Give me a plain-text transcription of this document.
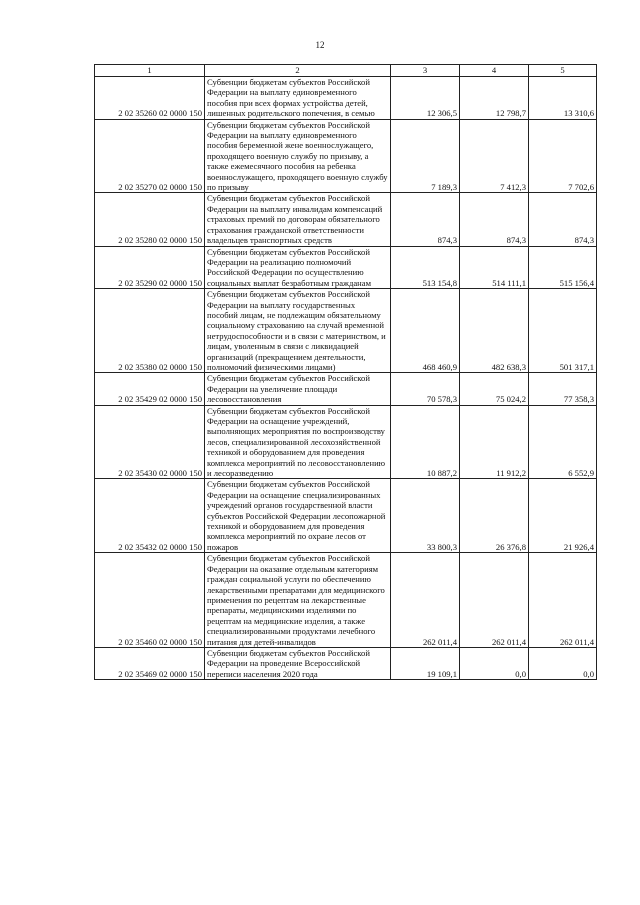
12
1	2	3	4	5
2 02 35260 02 0000 150	Субвенции бюджетам субъектов Российской Федерации на выплату единовременного пособия при всех формах устройства детей, лишенных родительского попечения, в семью	12 306,5	12 798,7	13 310,6
2 02 35270 02 0000 150	Субвенции бюджетам субъектов Российской Федерации на выплату единовременного пособия беременной жене военнослужащего, проходящего военную службу по призыву, а также ежемесячного пособия на ребенка военнослужащего, проходящего военную службу по призыву	7 189,3	7 412,3	7 702,6
2 02 35280 02 0000 150	Субвенции бюджетам субъектов Российской Федерации на выплату инвалидам компенсаций страховых премий по договорам обязательного страхования гражданской ответственности владельцев транспортных средств	874,3	874,3	874,3
2 02 35290 02 0000 150	Субвенции бюджетам субъектов Российской Федерации на реализацию полномочий Российской Федерации по осуществлению социальных выплат безработным гражданам	513 154,8	514 111,1	515 156,4
2 02 35380 02 0000 150	Субвенции бюджетам субъектов Российской Федерации на выплату государственных пособий лицам, не подлежащим обязательному социальному страхованию на случай временной нетрудоспособности и в связи с материнством, и лицам, уволенным в связи с ликвидацией организаций (прекращением деятельности, полномочий физическими лицами)	468 460,9	482 638,3	501 317,1
2 02 35429 02 0000 150	Субвенции бюджетам субъектов Российской Федерации на увеличение площади лесовосстановления	70 578,3	75 024,2	77 358,3
2 02 35430 02 0000 150	Субвенции бюджетам субъектов Российской Федерации на оснащение учреждений, выполняющих мероприятия по воспроизводству лесов, специализированной лесохозяйственной техникой и оборудованием для проведения комплекса мероприятий по лесовосстановлению и лесоразведению	10 887,2	11 912,2	6 552,9
2 02 35432 02 0000 150	Субвенции бюджетам субъектов Российской Федерации на оснащение специализированных учреждений органов государственной власти субъектов Российской Федерации лесопожарной техникой и оборудованием для проведения комплекса мероприятий по охране лесов от пожаров	33 800,3	26 376,8	21 926,4
2 02 35460 02 0000 150	Субвенции бюджетам субъектов Российской Федерации на оказание отдельным категориям граждан социальной услуги по обеспечению лекарственными препаратами для медицинского применения по рецептам на лекарственные препараты, медицинскими изделиями по рецептам на медицинские изделия, а также специализированными продуктами лечебного питания для детей-инвалидов	262 011,4	262 011,4	262 011,4
2 02 35469 02 0000 150	Субвенции бюджетам субъектов Российской Федерации на проведение Всероссийской переписи населения 2020 года	19 109,1	0,0	0,0
